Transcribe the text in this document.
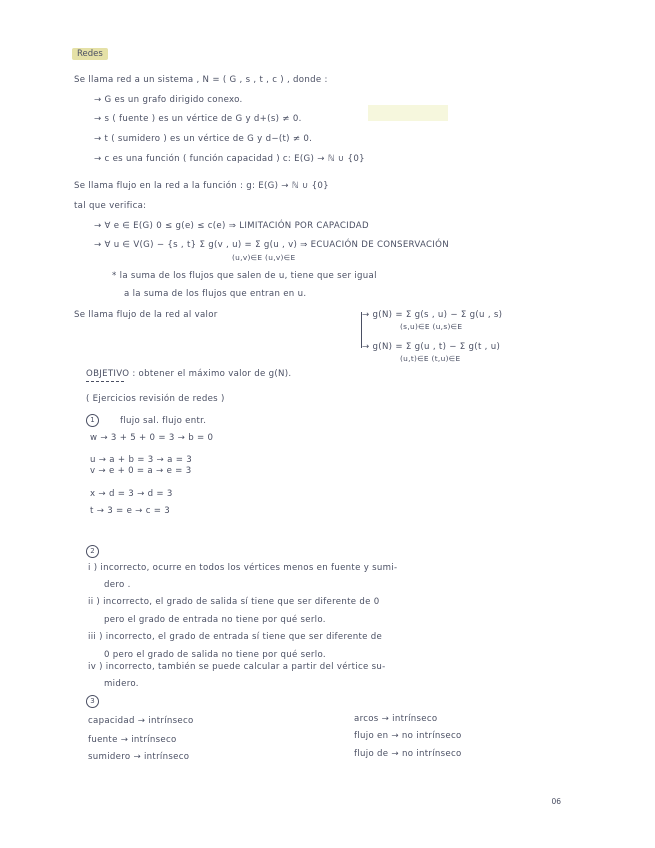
Redes
Se llama red a un sistema , N = ( G , s , t , c ) , donde :
→ G es un grafo dirigido conexo.
→ s ( fuente ) es un vértice de G y d+(s) ≠ 0.
→ t ( sumidero ) es un vértice de G y d−(t) ≠ 0.
→ c es una función ( función capacidad ) c: E(G) → ℕ ∪ {0}
Se llama flujo en la red a la función : g: E(G) → ℕ ∪ {0}
tal que verifica:
→ ∀ e ∈ E(G) 0 ≤ g(e) ≤ c(e) ⇒ LIMITACIÓN POR CAPACIDAD
→ ∀ u ∈ V(G) − {s , t} Σ g(v , u) = Σ g(u , v) ⇒ ECUACIÓN DE CONSERVACIÓN
(u,v)∈E (u,v)∈E
* la suma de los flujos que salen de u, tiene que ser igual
a la suma de los flujos que entran en u.
Se llama flujo de la red al valor	→ g(N) = Σ g(s , u) − Σ g(u , s)
(s,u)∈E (u,s)∈E
→ g(N) = Σ g(u , t) − Σ g(t , u)
(u,t)∈E (t,u)∈E
OBJETIVO : obtener el máximo valor de g(N).
( Ejercicios revisión de redes )
1	flujo sal. flujo entr.
w → 3 + 5 + 0 = 3 → b = 0
u → a + b = 3 → a = 3
v → e + 0 = a → e = 3
x → d = 3 → d = 3
t → 3 = e → c = 3
2
i ) incorrecto, ocurre en todos los vértices menos en fuente y sumi-
dero .
ii ) incorrecto, el grado de salida sí tiene que ser diferente de 0
pero el grado de entrada no tiene por qué serlo.
iii ) incorrecto, el grado de entrada sí tiene que ser diferente de
0 pero el grado de salida no tiene por qué serlo.
iv ) incorrecto, también se puede calcular a partir del vértice su-
midero.
3
capacidad → intrínseco	arcos → intrínseco
fuente → intrínseco	flujo en → no intrínseco
sumidero → intrínseco	flujo de → no intrínseco
06
